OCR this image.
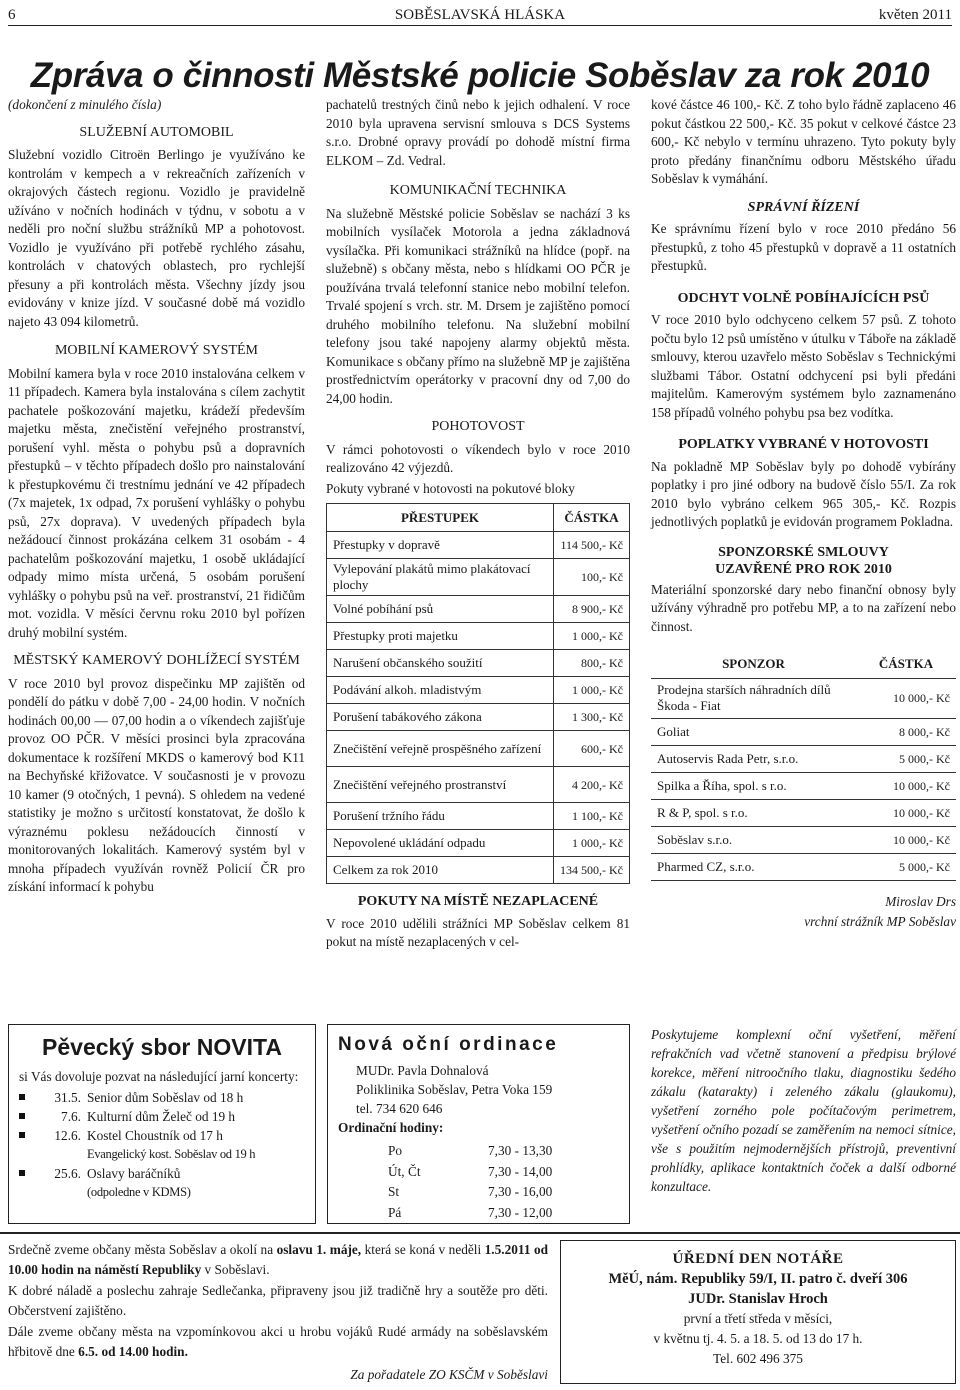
6	SOBĚSLAVSKÁ HLÁSKA	květen 2011
Zpráva o činnosti Městské policie Soběslav za rok 2010

(dokončení z minulého čísla)

SLUŽEBNÍ AUTOMOBIL

Služební vozidlo Citroën Berlingo je využíváno ke kontrolám v kempech a v rekreačních zařízeních v okrajových částech regionu. Vozidlo je pravidelně užíváno v nočních hodinách v týdnu, v sobotu a v neděli pro noční službu strážníků MP a pohotovost. Vozidlo je využíváno při potřebě rychlého zásahu, kontrolách v chatových oblastech, pro rychlejší přesuny a při kontrolách města. Všechny jízdy jsou evidovány v knize jízd. V současné době má vozidlo najeto 43 094 kilometrů.

MOBILNÍ KAMEROVÝ SYSTÉM

Mobilní kamera byla v roce 2010 instalována celkem v 11 případech. Kamera byla instalována s cílem zachytit pachatele poškozování majetku, krádeží především majetku města, znečistění veřejného prostranství, porušení vyhl. města o pohybu psů a dopravních přestupků – v těchto případech došlo pro nainstalování k přestupkovému či trestnímu jednání ve 42 případech (7x majetek, 1x odpad, 7x porušení vyhlášky o pohybu psů, 27x doprava). V uvedených případech byla nežádoucí činnost prokázána celkem 31 osobám - 4 pachatelům poškozování majetku, 1 osobě ukládající odpady mimo místa určená, 5 osobám porušení vyhlášky o pohybu psů na veř. prostranství, 21 řidičům mot. vozidla. V měsíci červnu roku 2010 byl pořízen druhý mobilní systém.

MĚSTSKÝ KAMEROVÝ DOHLÍŽECÍ SYSTÉM

V roce 2010 byl provoz dispečinku MP zajištěn od pondělí do pátku v době 7,00 - 24,00 hodin. V nočních hodinách 00,00 — 07,00 hodin a o víkendech zajišťuje provoz OO PČR. V měsíci prosinci byla zpracována dokumentace k rozšíření MKDS o kamerový bod K11 na Bechyňské křižovatce. V současnosti je v provozu 10 kamer (9 otočných, 1 pevná). S ohledem na vedené statistiky je možno s určitostí konstatovat, že došlo k výraznému poklesu nežádoucích činností v monitorovaných lokalitách. Kamerový systém byl v mnoha případech využíván rovněž Policií ČR pro získání informací k pohybu

pachatelů trestných činů nebo k jejich odhalení. V roce 2010 byla upravena servisní smlouva s DCS Systems s.r.o. Drobné opravy provádí po dohodě místní firma ELKOM – Zd. Vedral.

KOMUNIKAČNÍ TECHNIKA

Na služebně Městské policie Soběslav se nachází 3 ks mobilních vysílaček Motorola a jedna základnová vysílačka. Při komunikaci strážníků na hlídce (popř. na služebně) s občany města, nebo s hlídkami OO PČR je používána trvalá telefonní stanice nebo mobilní telefon. Trvalé spojení s vrch. str. M. Drsem je zajištěno pomocí druhého mobilního telefonu. Na služební mobilní telefony jsou také napojeny alarmy objektů města. Komunikace s občany přímo na služebně MP je zajištěna prostřednictvím operátorky v pracovní dny od 7,00 do 24,00 hodin.

POHOTOVOST

V rámci pohotovosti o víkendech bylo v roce 2010 realizováno 42 výjezdů.

Pokuty vybrané v hotovosti na pokutové bloky

PŘESTUPEK	ČÁSTKA
Přestupky v dopravě	114 500,- Kč
Vylepování plakátů mimo plakátovací plochy	100,- Kč
Volné pobíhání psů	8 900,- Kč
Přestupky proti majetku	1 000,- Kč
Narušení občanského soužití	800,- Kč
Podávání alkoh. mladistvým	1 000,- Kč
Porušení tabákového zákona	1 300,- Kč
Znečištění veřejně prospěšného zařízení	600,- Kč
Znečištění veřejného prostranství	4 200,- Kč
Porušení tržního řádu	1 100,- Kč
Nepovolené ukládání odpadu	1 000,- Kč
Celkem za rok 2010	134 500,- Kč
POKUTY NA MÍSTĚ NEZAPLACENÉ

V roce 2010 udělili strážníci MP Soběslav celkem 81 pokut na místě nezaplacených v cel-

kové částce 46 100,- Kč. Z toho bylo řádně zaplaceno 46 pokut částkou 22 500,- Kč. 35 pokut v celkové částce 23 600,- Kč nebylo v termínu uhrazeno. Tyto pokuty byly proto předány finančnímu odboru Městského úřadu Soběslav k vymáhání.

SPRÁVNÍ ŘÍZENÍ

Ke správnímu řízení bylo v roce 2010 předáno 56 přestupků, z toho 45 přestupků v dopravě a 11 ostatních přestupků.

ODCHYT VOLNĚ POBÍHAJÍCÍCH PSŮ

V roce 2010 bylo odchyceno celkem 57 psů. Z tohoto počtu bylo 12 psů umístěno v útulku v Táboře na základě smlouvy, kterou uzavřelo město Soběslav s Technickými službami Tábor. Ostatní odchycení psi byli předáni majitelům. Kamerovým systémem bylo zaznamenáno 158 případů volného pohybu psa bez vodítka.

POPLATKY VYBRANÉ V HOTOVOSTI

Na pokladně MP Soběslav byly po dohodě vybírány poplatky i pro jiné odbory na budově číslo 55/I. Za rok 2010 bylo vybráno celkem 965 305,- Kč. Rozpis jednotlivých poplatků je evidován programem Pokladna.

SPONZORSKÉ SMLOUVY UZAVŘENÉ PRO ROK 2010

Materiální sponzorské dary nebo finanční obnosy byly užívány výhradně pro potřebu MP, a to na zařízení nebo činnost.

SPONZOR	ČÁSTKA
Prodejna starších náhradních dílů Škoda - Fiat	10 000,- Kč
Goliat	8 000,- Kč
Autoservis Rada Petr, s.r.o.	5 000,- Kč
Spilka a Říha, spol. s r.o.	10 000,- Kč
R & P, spol. s r.o.	10 000,- Kč
Soběslav s.r.o.	10 000,- Kč
Pharmed CZ, s.r.o.	5 000,- Kč
Miroslav Drs
vrchní strážník MP Soběslav
Pěvecký sbor NOVITA

si Vás dovoluje pozvat na následující jarní koncerty:

31.5. Senior dům Soběslav od 18 h
7.6. Kulturní dům Želeč od 19 h
12.6. Kostel Choustník od 17 h
Evangelický kost. Soběslav od 19 h
25.6. Oslavy baráčníků
(odpoledne v KDMS)
Nová oční ordinace
MUDr. Pavla Dohnalová
Poliklinika Soběslav, Petra Voka 159
tel. 734 620 646
Ordinační hodiny:
Po	7,30 - 13,30
Út, Čt	7,30 - 14,00
St	7,30 - 16,00
Pá	7,30 - 12,00
Poskytujeme komplexní oční vyšetření, měření refrakčních vad včetně stanovení a předpisu brýlové korekce, měření nitroočního tlaku, diagnostiku šedého zákalu (katarakty) i zeleného zákalu (glaukomu), vyšetření zorného pole počítačovým perimetrem, vyšetření očního pozadí se zaměřením na nemoci sítnice, vše s použitím nejmodernějších přístrojů, preventivní prohlídky, aplikace kontaktních čoček a další odborné konzultace.

Srdečně zveme občany města Soběslav a okolí na oslavu 1. máje, která se koná v neděli 1.5.2011 od 10.00 hodin na náměstí Republiky v Soběslavi.

K dobré náladě a poslechu zahraje Sedlečanka, připraveny jsou již tradičně hry a soutěže pro děti. Občerstvení zajištěno.

Dále zveme občany města na vzpomínkovou akci u hrobu vojáků Rudé armády na soběslavském hřbitově dne 6.5. od 14.00 hodin.

Za pořadatele ZO KSČM v Soběslavi
ÚŘEDNÍ DEN NOTÁŘE
MěÚ, nám. Republiky 59/I, II. patro č. dveří 306
JUDr. Stanislav Hroch
první a třetí středa v měsíci,
v květnu tj. 4. 5. a 18. 5. od 13 do 17 h.
Tel. 602 496 375
